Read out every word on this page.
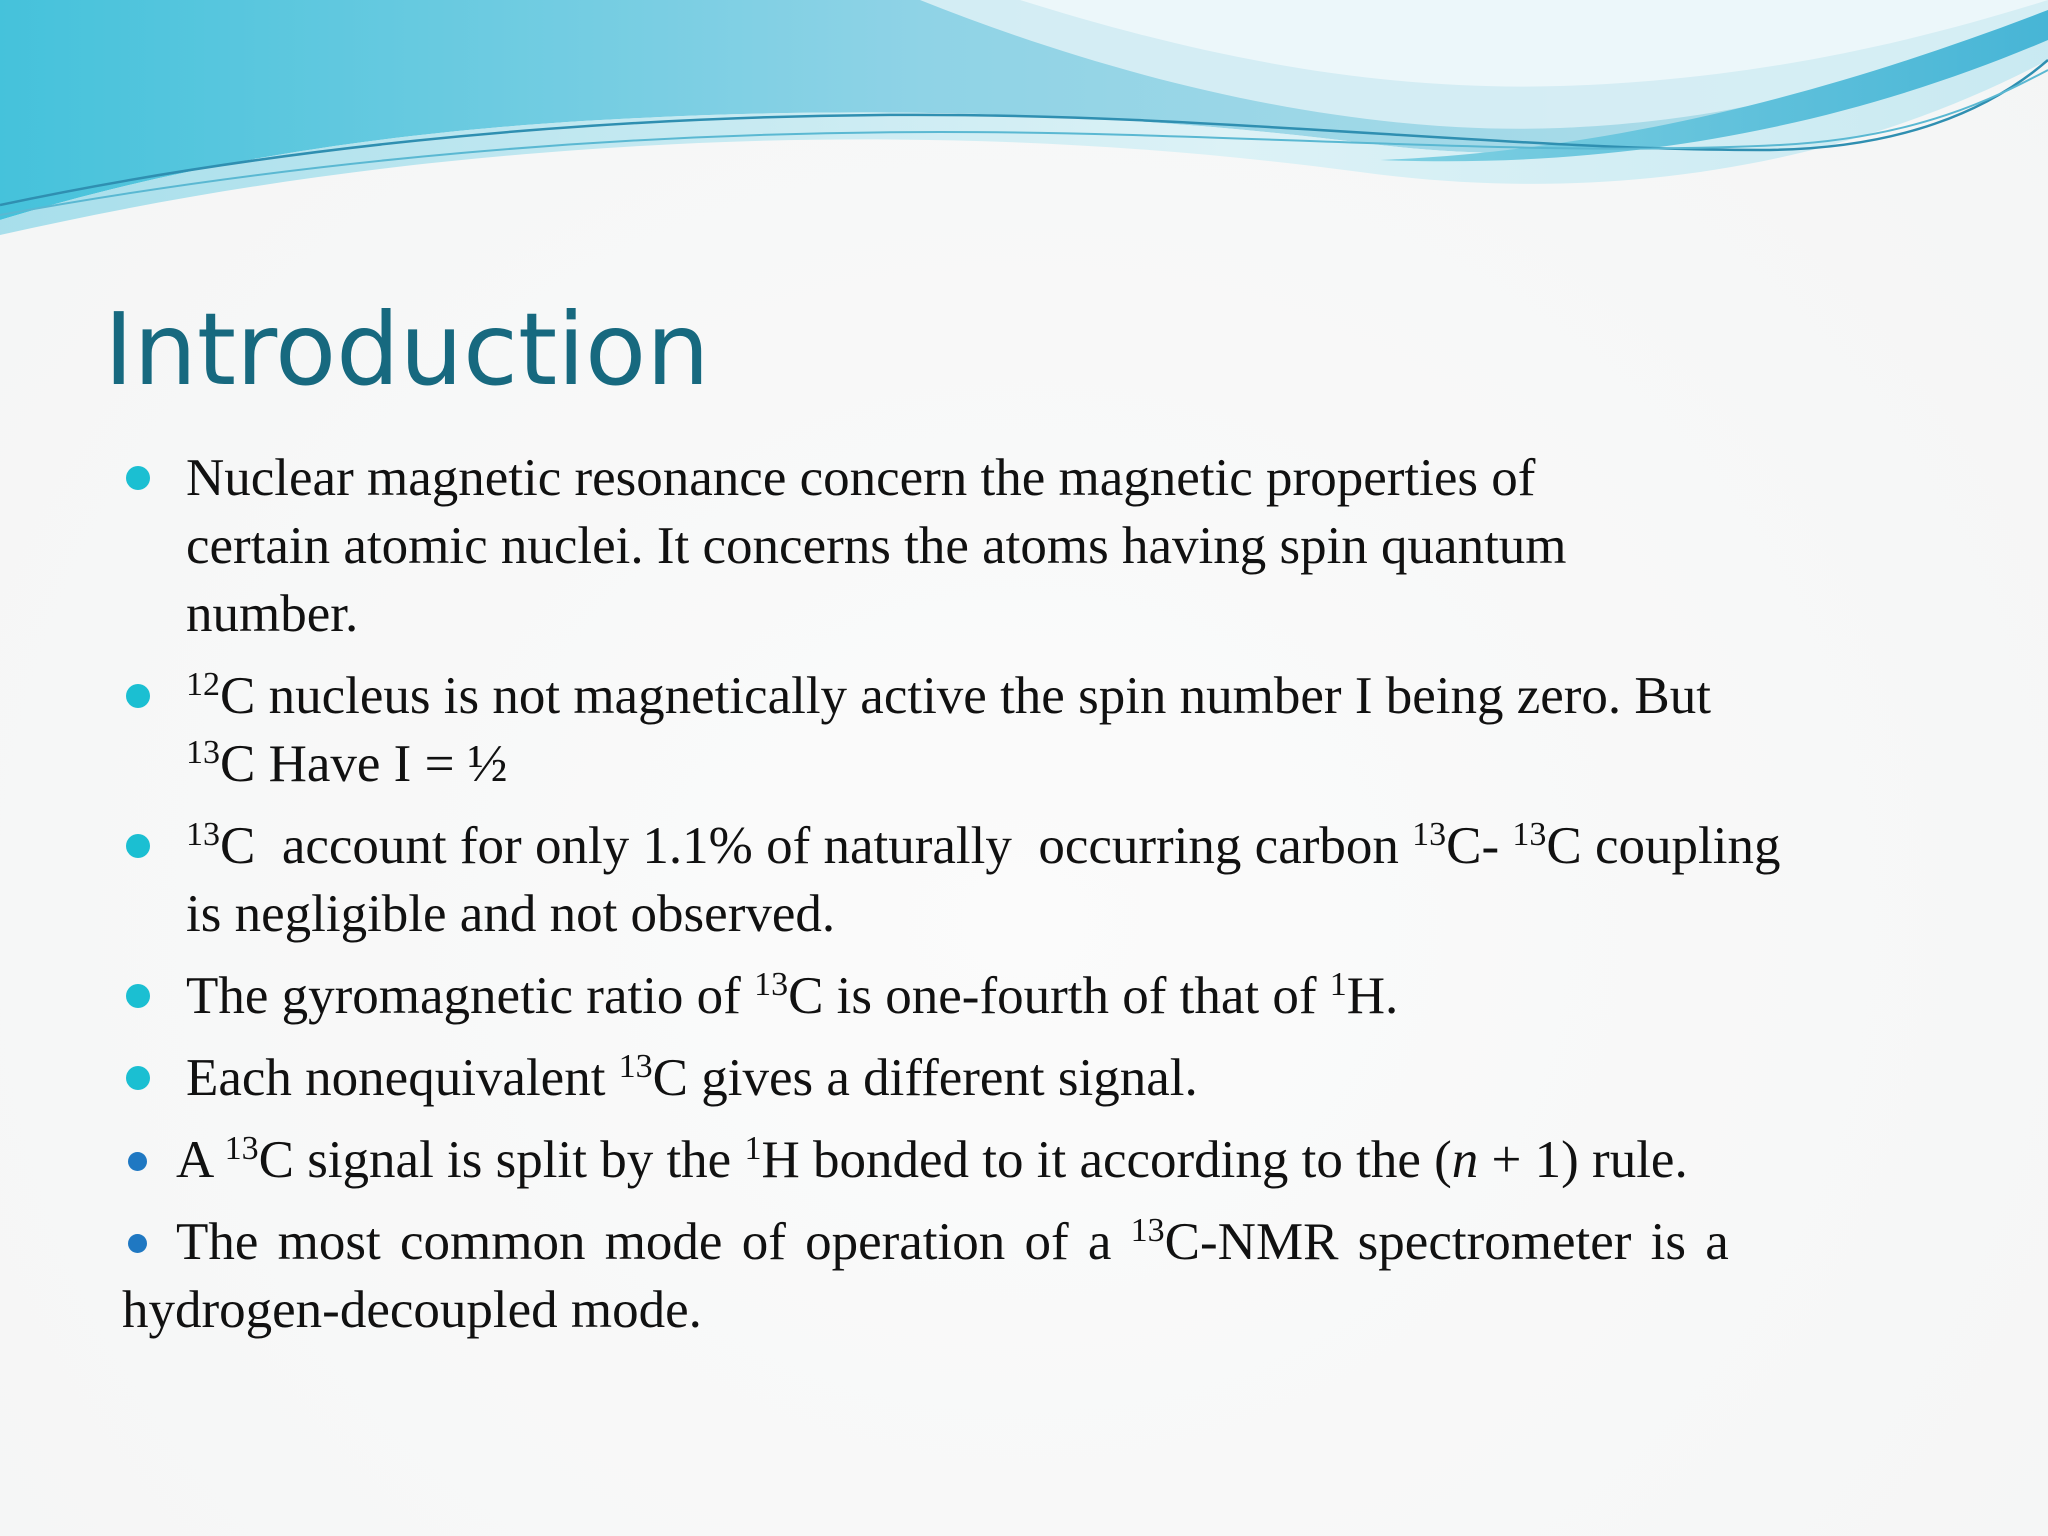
Introduction
Nuclear magnetic resonance concern the magnetic properties of
certain atomic nuclei. It concerns the atoms having spin quantum
number.
$^{12}$C nucleus is not magnetically active the spin number I being zero. But
$^{13}$C Have I = ½
$^{13}$C  account for only 1.1% of naturally  occurring carbon $^{13}$C- $^{13}$C coupling
is negligible and not observed.
The gyromagnetic ratio of $^{13}$C is one-fourth of that of $^1$H.
Each nonequivalent $^{13}$C gives a different signal.
A $^{13}$C signal is split by the $^1$H bonded to it according to the (n + 1) rule.
The most common mode of operation of a $^{13}$C-NMR spectrometer is a
hydrogen-decoupled mode.
